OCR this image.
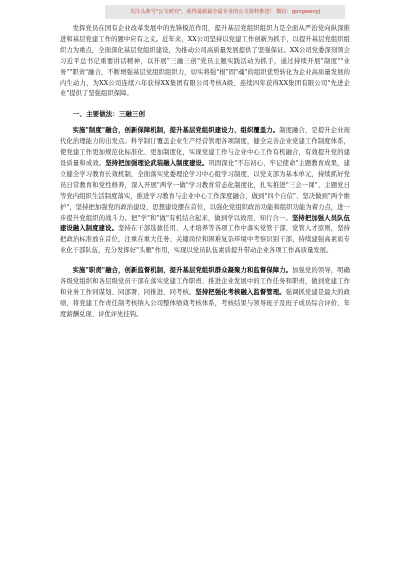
关注头条号"公文研究"，获得最新最全最专业的公文资料推送！ 微信：gongwenyj

发挥党员在国有企业改革发展中的先锋模范作用，提升基层党组织组织力是全面从严治党向纵深推进和基层党建工作的题中应有之义。近年来，XX公司坚持以党建工作创新为抓手，以提升基层党组织组织力为重点，全面深化基层党组织建设，为推动公司高质量发展提供了坚强保证。XX公司党委深刻领会习近平总书记重要讲话精神，以开展"三融三创"党员主题实践活动为抓手，通过持续开展"制度""业务""职责"融合，不断增强基层党组织组织力，切实将强"根"固"魂"的组织优势转化为企业高质量发展的内生动力，为XX公司连续六年获得XX集团有限公司考核A级、连续四年获得XX集团有限公司"先进企业"提供了坚强组织保障。

一、主要做法：三融三创

实施"制度"融合，创新保障机制，提升基层党组织建设力、组织覆盖力。制度融合，是提升企业现代化治理能力的出发点。科学制订覆盖企业生产经营管理各项制度，健全完善企业党建工作制度体系，使党建工作更加规范化标准化、更加制度化，实现党建工作与企业中心工作有机融合，有效提升党的建设质量和成效。坚持把加强理论武装融入制度建设。巩固深化"不忘初心、牢记使命"主题教育成果，建立健全学习教育长效机制，全面落实党委理论学习中心组学习制度，以党支部为基本单元，持续抓好党员日常教育和党性修养，深入开展"两学一做"学习教育常态化制度化，扎实推进"三会一课"、主题党日等党内组织生活制度落实，推进学习教育与企业中心工作深度融合，做到"四个自信"、坚决做到"两个维护"，坚持把加强党的政治建设、思想建设摆在首位，以强化党组织政治功能和组织功能为着力点，进一步提升党组织的战斗力。把"学"和"做"有机结合起来，做到学以致用、知行合一。坚持把加强人员队伍建设融入制度建设。坚持在干部选拔任用、人才培养等各项工作中落实党管干部、党管人才原则，坚持把政治标准放在首位，注重在重大任务、关键岗位和困难复杂环境中考察识别干部，持续建强高素质专业化干部队伍，充分发挥好"头雁"作用，实现以党员队伍素质提升带动企业各项工作高质量发展。

实施"职责"融合，创新监督机制，提升基层党组织群众凝聚力和监督保障力。加强党的领导，明确各级党组织和各层级党员干部在落实党建工作职责、推进企业发展中的工作任务和职责，做到党建工作和业务工作同谋划、同部署、同推进、同考核。坚持把强化考核融入监督管理。强调抓党建是最大的政绩，将党建工作责任制考核纳入公司整体绩效考核体系，考核结果与领导班子及班子成员综合评价、年度薪酬兑现、评优评先挂钩。
